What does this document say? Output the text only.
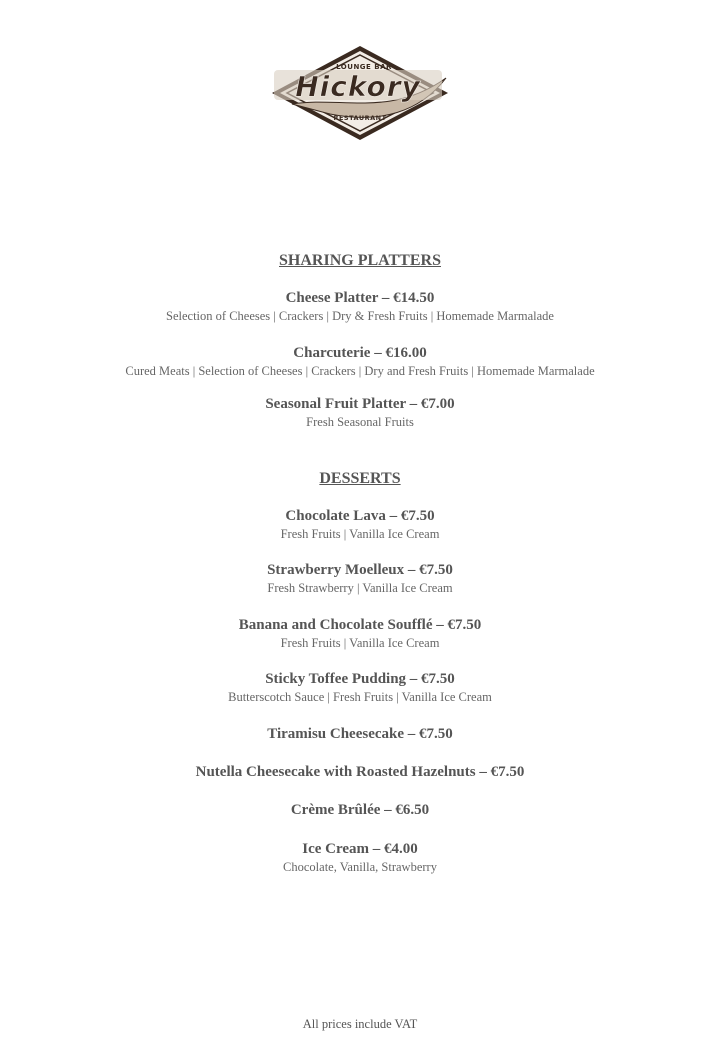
LOUNGE BAR
Hickory
RESTAURANT
SHARING PLATTERS
Cheese Platter – €14.50
Selection of Cheeses | Crackers | Dry & Fresh Fruits | Homemade Marmalade
Charcuterie – €16.00
Cured Meats | Selection of Cheeses | Crackers | Dry and Fresh Fruits | Homemade Marmalade
Seasonal Fruit Platter – €7.00
Fresh Seasonal Fruits
DESSERTS
Chocolate Lava – €7.50
Fresh Fruits | Vanilla Ice Cream
Strawberry Moelleux – €7.50
Fresh Strawberry | Vanilla Ice Cream
Banana and Chocolate Soufflé – €7.50
Fresh Fruits | Vanilla Ice Cream
Sticky Toffee Pudding – €7.50
Butterscotch Sauce | Fresh Fruits | Vanilla Ice Cream
Tiramisu Cheesecake – €7.50
Nutella Cheesecake with Roasted Hazelnuts – €7.50
Crème Brûlée – €6.50
Ice Cream – €4.00
Chocolate, Vanilla, Strawberry
All prices include VAT
